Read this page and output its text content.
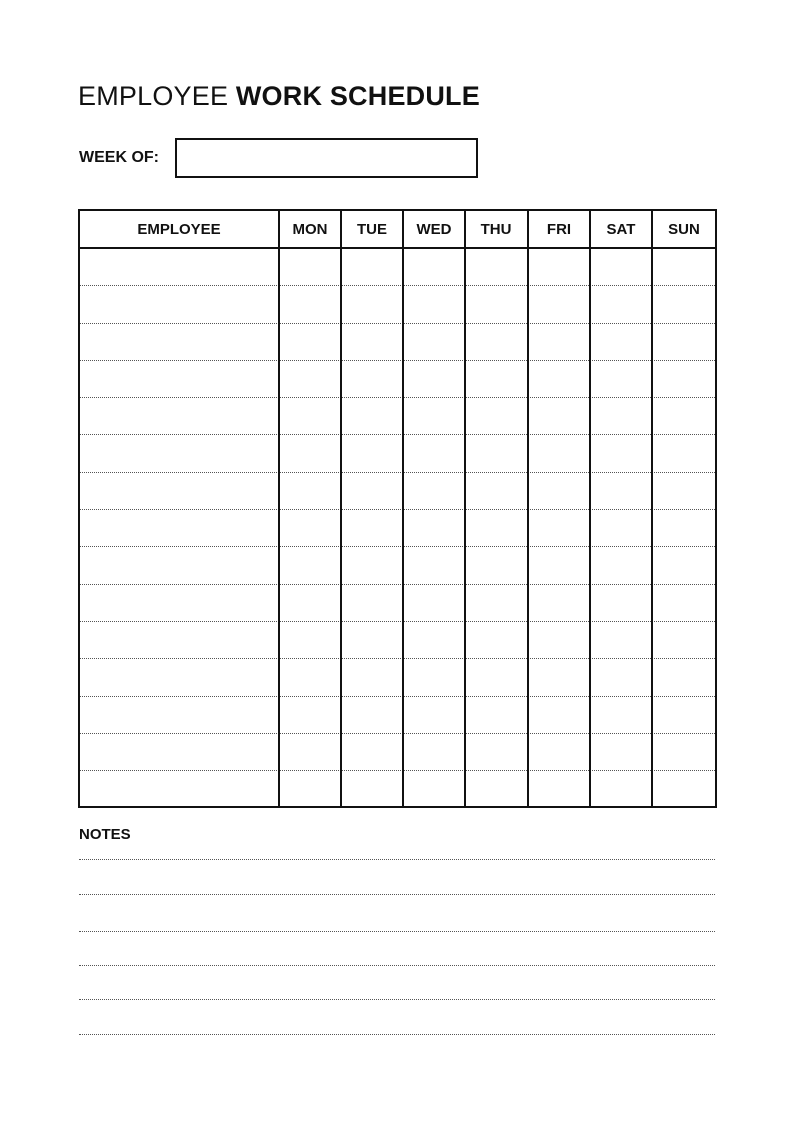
EMPLOYEE WORK SCHEDULE
WEEK OF:
EMPLOYEE	MON	TUE	WED	THU	FRI	SAT	SUN
NOTES
